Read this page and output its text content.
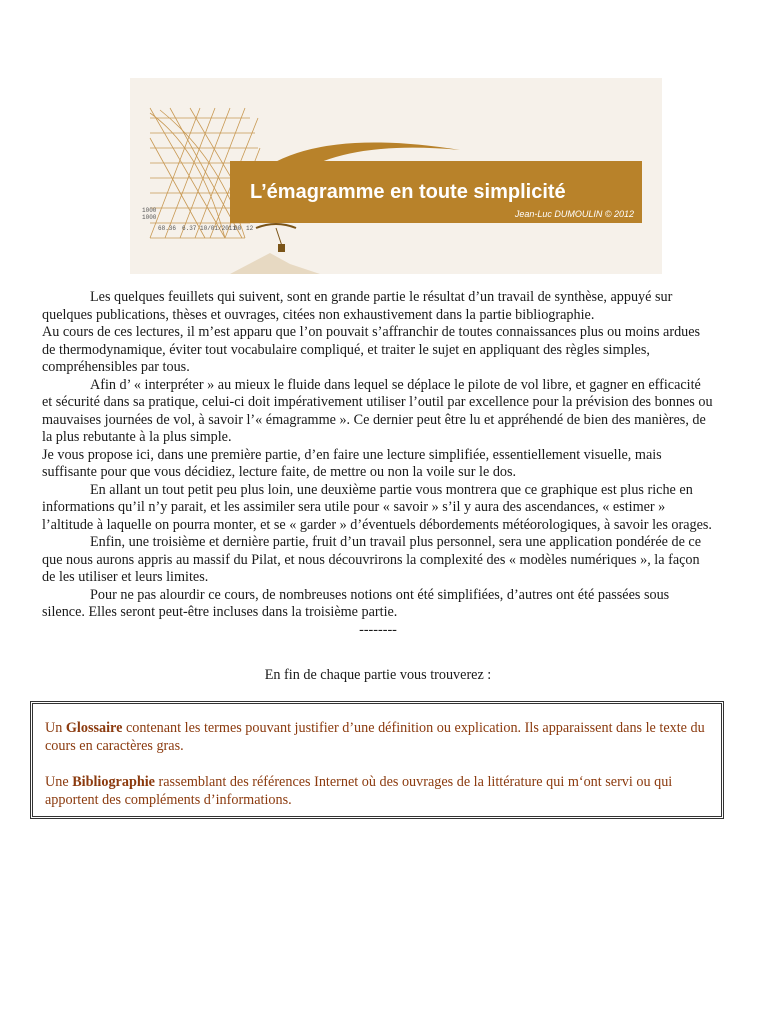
1000
1000
68.36 6.37 10/01/2011
00 12
L’émagramme en toute simplicité
Jean-Luc DUMOULIN © 2012

Les quelques feuillets qui suivent, sont en grande partie le résultat d’un travail de synthèse, appuyé sur quelques publications, thèses et ouvrages, citées non exhaustivement dans la partie bibliographie.

Au cours de ces lectures, il m’est apparu que l’on pouvait s’affranchir de toutes connaissances plus ou moins ardues de thermodynamique, éviter tout vocabulaire compliqué, et traiter le sujet en appliquant des règles simples, compréhensibles par tous.

Afin d’ « interpréter » au mieux le fluide dans lequel se déplace le pilote de vol libre, et gagner en efficacité et sécurité dans sa pratique, celui-ci doit impérativement utiliser l’outil par excellence pour la prévision des bonnes ou mauvaises journées de vol, à savoir l’« émagramme ». Ce dernier peut être lu et appréhendé de bien des manières, de la plus rebutante à la plus simple.

Je vous propose ici, dans une première partie, d’en faire une lecture simplifiée, essentiellement visuelle, mais suffisante pour que vous décidiez, lecture faite, de mettre ou non la voile sur le dos.

En allant un tout petit peu plus loin, une deuxième partie vous montrera que ce graphique est plus riche en informations qu’il n’y parait, et les assimiler sera utile pour « savoir » s’il y aura des ascendances, « estimer » l’altitude à laquelle on pourra monter, et se « garder » d’éventuels débordements météorologiques, à savoir les orages.

Enfin, une troisième et dernière partie, fruit d’un travail plus personnel, sera une application pondérée de ce que nous aurons appris au massif du Pilat, et nous découvrirons la complexité des « modèles numériques », la façon de les utiliser et leurs limites.

Pour ne pas alourdir ce cours, de nombreuses notions ont été simplifiées, d’autres ont été passées sous silence. Elles seront peut-être incluses dans la troisième partie.

--------

En fin de chaque partie vous trouverez :

Un Glossaire contenant les termes pouvant justifier d’une définition ou explication. Ils apparaissent dans le texte du cours en caractères gras.

Une Bibliographie rassemblant des références Internet où des ouvrages de la littérature qui m‘ont servi ou qui apportent des compléments d’informations.
